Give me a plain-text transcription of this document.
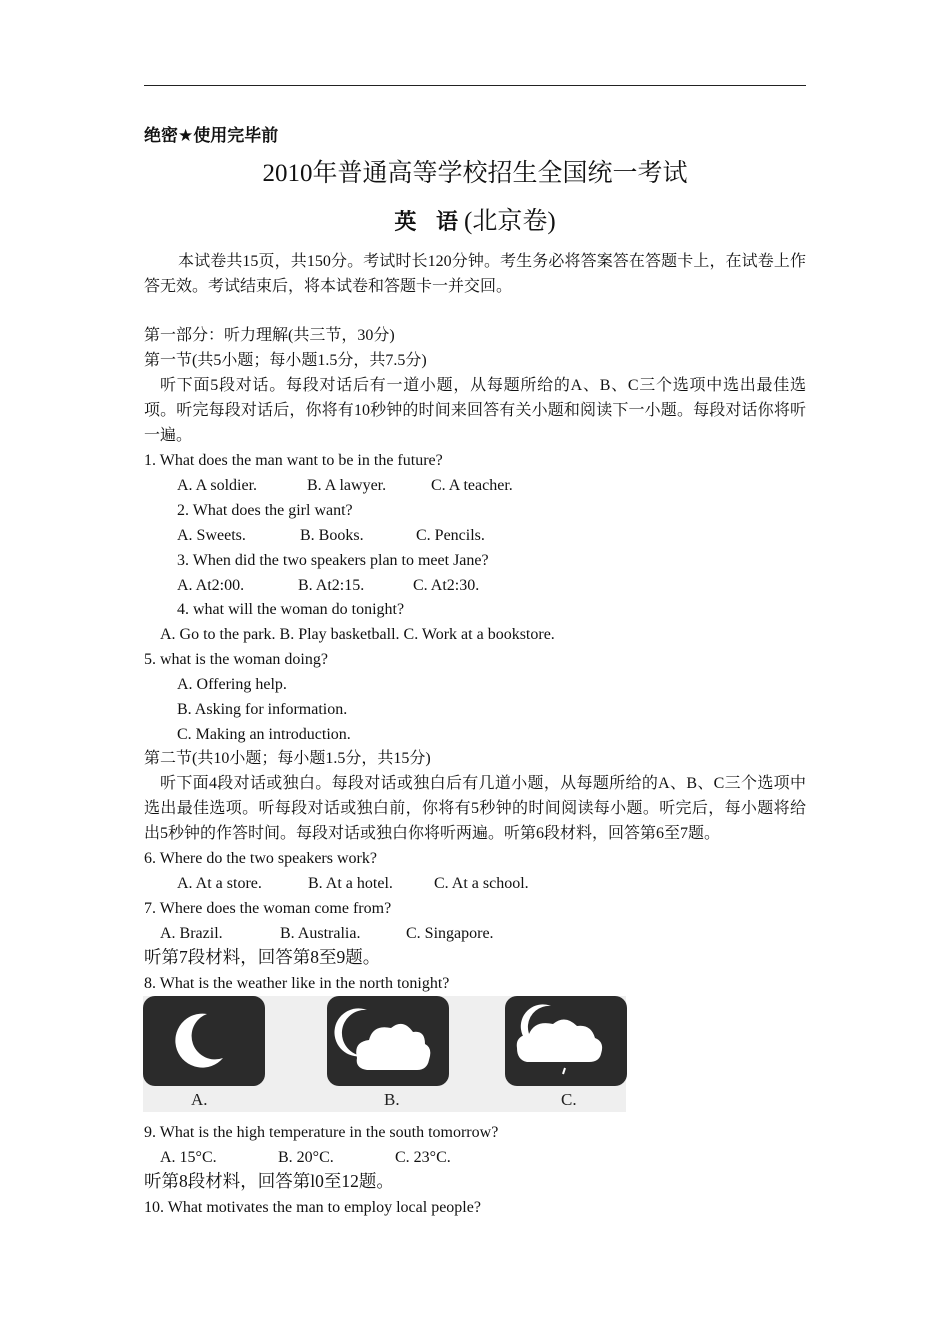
绝密★使用完毕前
2010年普通高等学校招生全国统一考试
英 语(北京卷)
本试卷共15页，共150分。考试时长120分钟。考生务必将答案答在答题卡上，在试卷上作答无效。考试结束后，将本试卷和答题卡一并交回。
第一部分：听力理解(共三节，30分)
第一节(共5小题；每小题1.5分，共7.5分)
听下面5段对话。每段对话后有一道小题，从每题所给的A、B、C三个选项中选出最佳选项。听完每段对话后，你将有10秒钟的时间来回答有关小题和阅读下一小题。每段对话你将听一遍。
1. What does the man want to be in the future?
A. A soldier.	B. A lawyer.	C. A teacher.
2. What does the girl want?
A. Sweets.	B. Books.	C. Pencils.
3. When did the two speakers plan to meet Jane?
A. At2:00.	B. At2:15.	C. At2:30.
4. what will the woman do tonight?
A. Go to the park. B. Play basketball. C. Work at a bookstore.
5. what is the woman doing?
A. Offering help.
B. Asking for information.
C. Making an introduction.
第二节(共10小题；每小题1.5分，共15分)
听下面4段对话或独白。每段对话或独白后有几道小题，从每题所给的A、B、C三个选项中选出最佳选项。听每段对话或独白前，你将有5秒钟的时间阅读每小题。听完后，每小题将给出5秒钟的作答时间。每段对话或独白你将听两遍。听第6段材料，回答第6至7题。
6. Where do the two speakers work?
A. At a store.	B. At a hotel.	C. At a school.
7. Where does the woman come from?
A. Brazil.	B. Australia.	C. Singapore.
听第7段材料，回答第8至9题。
8. What is the weather like in the north tonight?
A.	B.	C.
9. What is the high temperature in the south tomorrow?
A. 15°C.	B. 20°C.	C. 23°C.
听第8段材料，回答第l0至12题。
10. What motivates the man to employ local people?
